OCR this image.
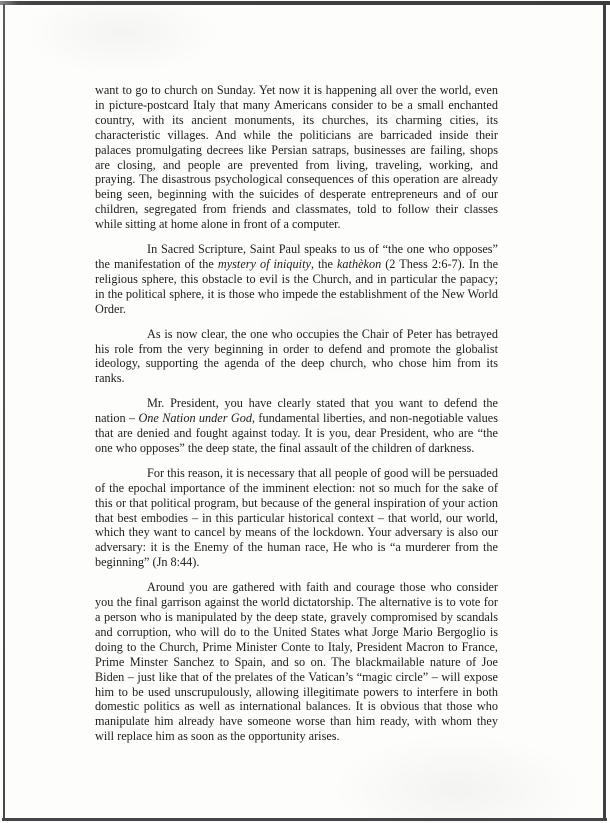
want to go to church on Sunday. Yet now it is happening all over the world, even in picture-postcard Italy that many Americans consider to be a small enchanted country, with its ancient monuments, its churches, its charming cities, its characteristic villages. And while the politicians are barricaded inside their palaces promulgating decrees like Persian satraps, businesses are failing, shops are closing, and people are prevented from living, traveling, working, and praying. The disastrous psychological consequences of this operation are already being seen, beginning with the suicides of desperate entrepreneurs and of our children, segregated from friends and classmates, told to follow their classes while sitting at home alone in front of a computer.

In Sacred Scripture, Saint Paul speaks to us of “the one who opposes” the manifestation of the mystery of iniquity, the kathèkon (2 Thess 2:6-7). In the religious sphere, this obstacle to evil is the Church, and in particular the papacy; in the political sphere, it is those who impede the establishment of the New World Order.

As is now clear, the one who occupies the Chair of Peter has betrayed his role from the very beginning in order to defend and promote the globalist ideology, supporting the agenda of the deep church, who chose him from its ranks.

Mr. President, you have clearly stated that you want to defend the nation – One Nation under God, fundamental liberties, and non-negotiable values that are denied and fought against today. It is you, dear President, who are “the one who opposes” the deep state, the final assault of the children of darkness.

For this reason, it is necessary that all people of good will be persuaded of the epochal importance of the imminent election: not so much for the sake of this or that political program, but because of the general inspiration of your action that best embodies – in this particular historical context – that world, our world, which they want to cancel by means of the lockdown. Your adversary is also our adversary: it is the Enemy of the human race, He who is “a murderer from the beginning” (Jn 8:44).

Around you are gathered with faith and courage those who consider you the final garrison against the world dictatorship. The alternative is to vote for a person who is manipulated by the deep state, gravely compromised by scandals and corruption, who will do to the United States what Jorge Mario Bergoglio is doing to the Church, Prime Minister Conte to Italy, President Macron to France, Prime Minster Sanchez to Spain, and so on. The blackmailable nature of Joe Biden – just like that of the prelates of the Vatican’s “magic circle” – will expose him to be used unscrupulously, allowing illegitimate powers to interfere in both domestic politics as well as international balances. It is obvious that those who manipulate him already have someone worse than him ready, with whom they will replace him as soon as the opportunity arises.
